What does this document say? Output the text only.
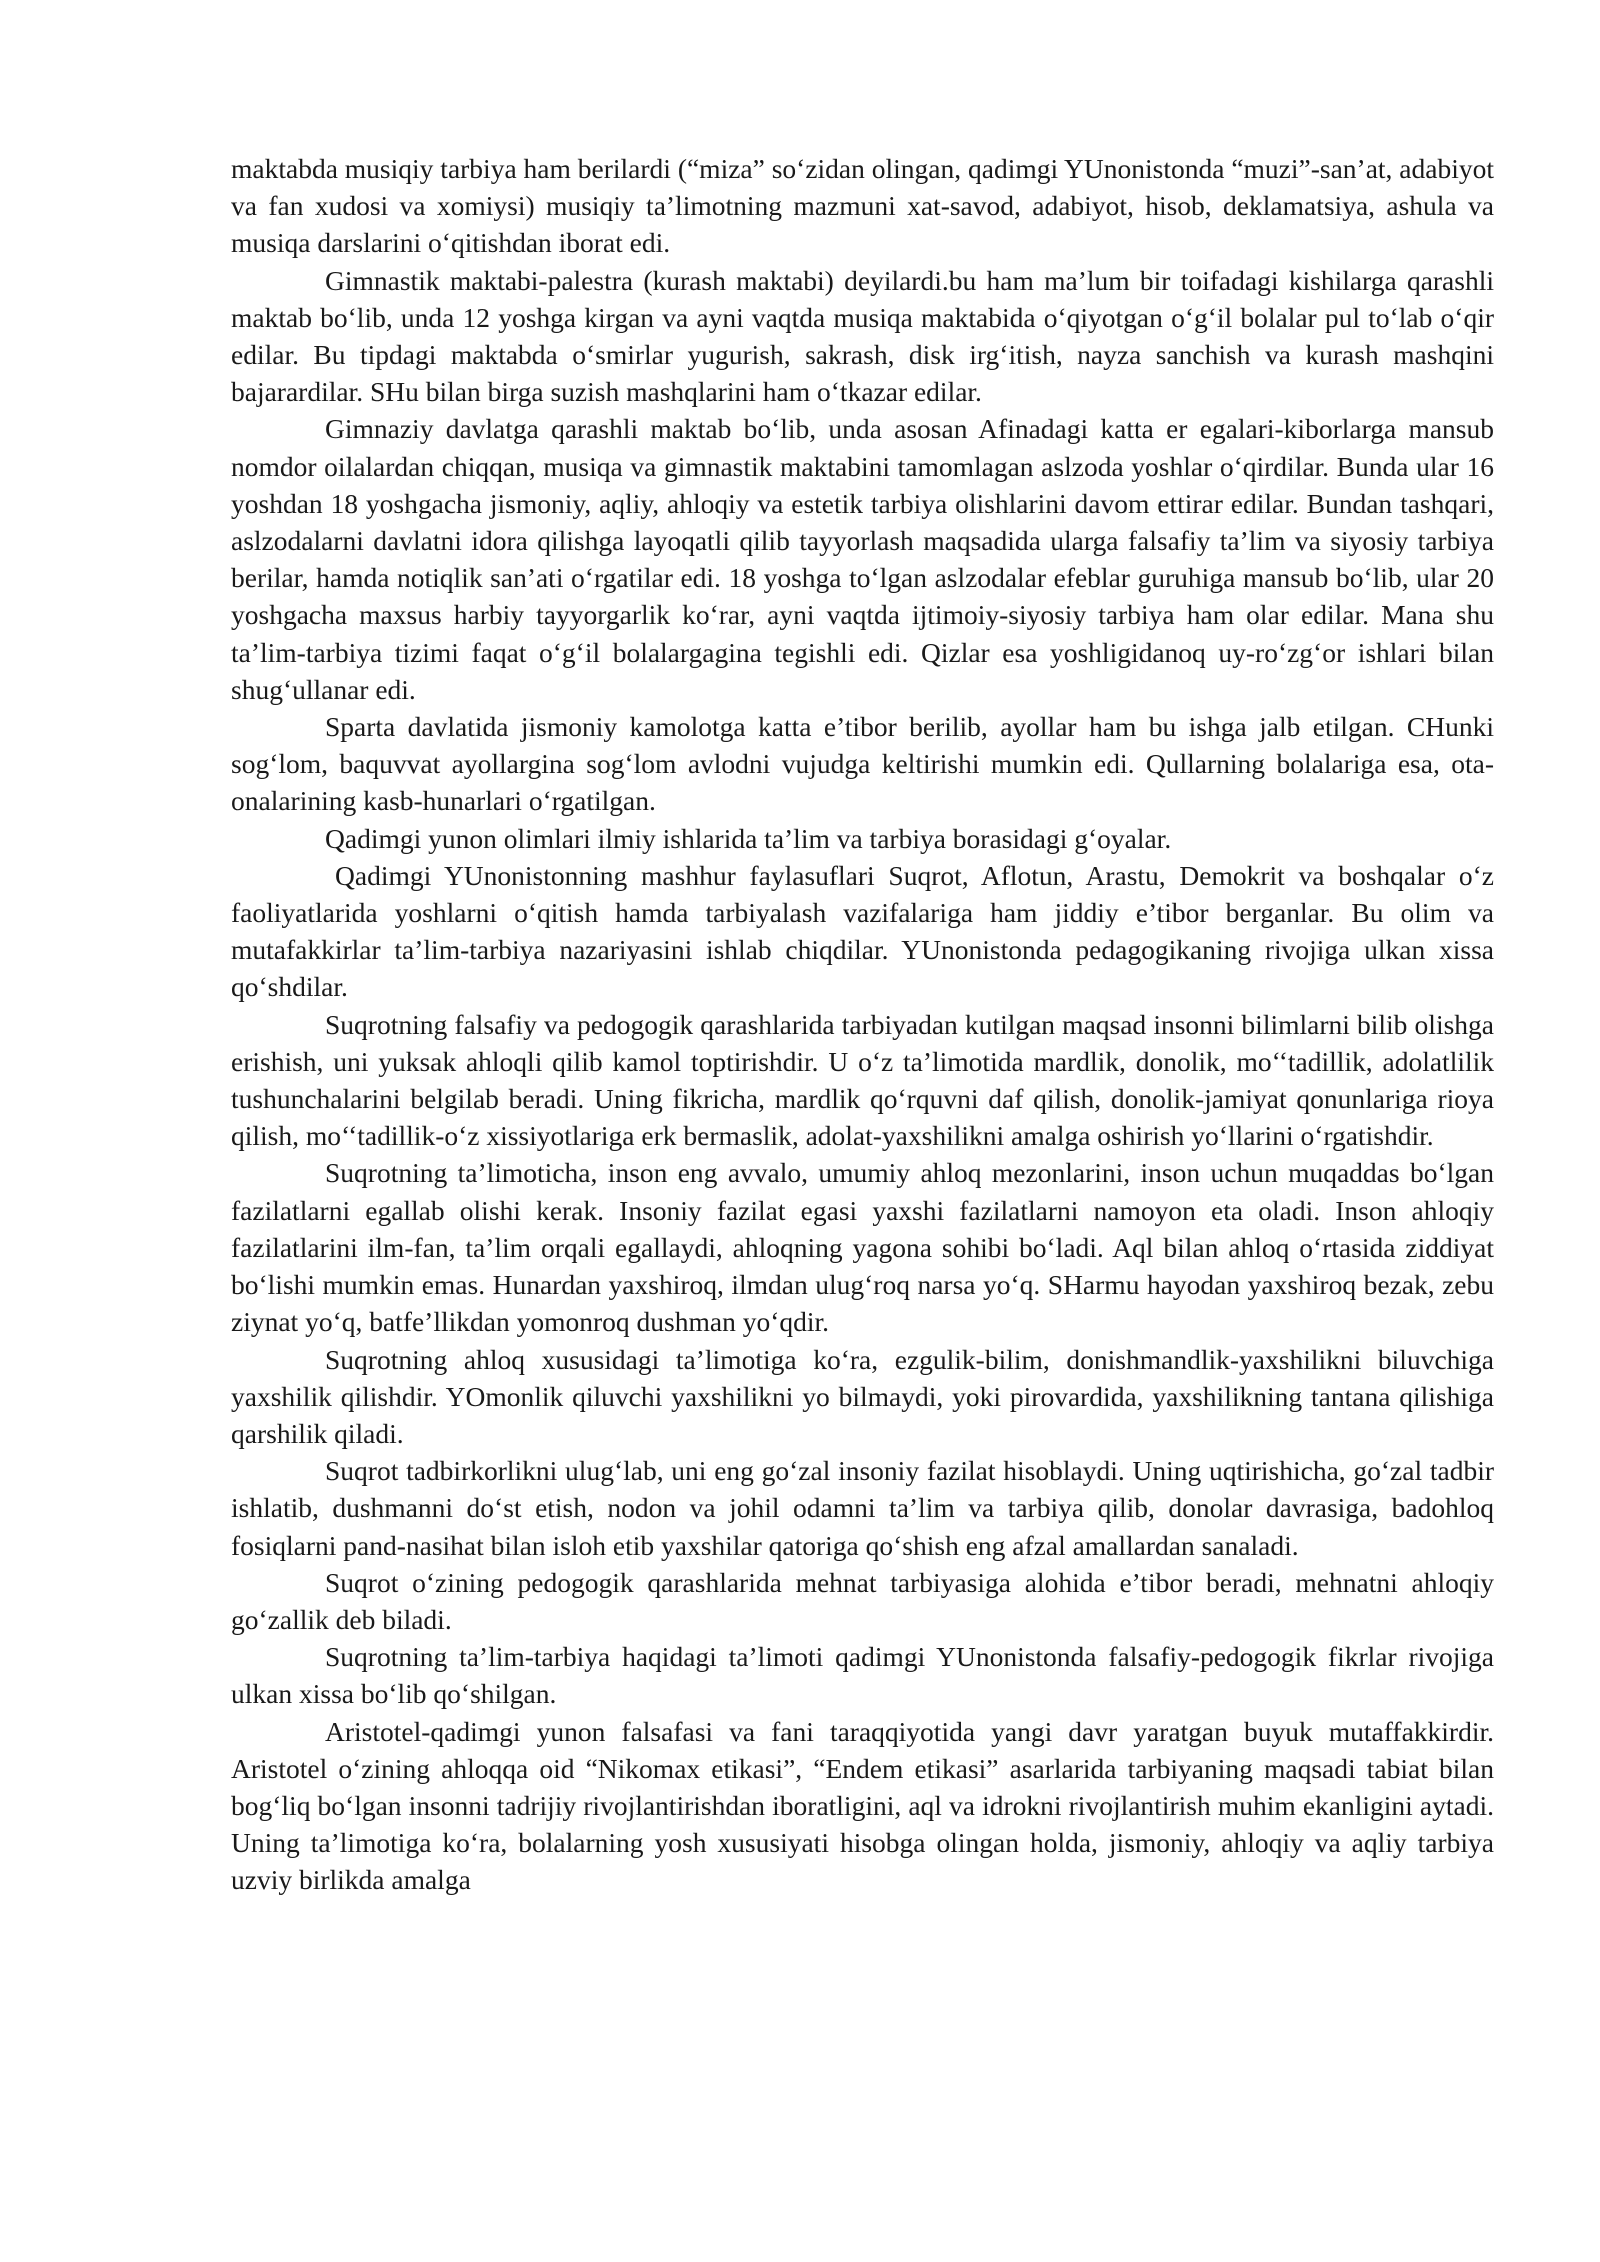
maktabda musiqiy tarbiya ham berilardi (“miza” so‘zidan olingan, qadimgi YUnonistonda “muzi”-san’at, adabiyot va fan xudosi va xomiysi) musiqiy ta’limotning mazmuni xat-savod, adabiyot, hisob, deklamatsiya, ashula va musiqa darslarini o‘qitishdan iborat edi.

Gimnastik maktabi-palestra (kurash maktabi) deyilardi.bu ham ma’lum bir toifadagi kishilarga qarashli maktab bo‘lib, unda 12 yoshga kirgan va ayni vaqtda musiqa maktabida o‘qiyotgan o‘g‘il bolalar pul to‘lab o‘qir edilar. Bu tipdagi maktabda o‘smirlar yugurish, sakrash, disk irg‘itish, nayza sanchish va kurash mashqini bajarardilar. SHu bilan birga suzish mashqlarini ham o‘tkazar edilar.

Gimnaziy davlatga qarashli maktab bo‘lib, unda asosan Afinadagi katta er egalari-kiborlarga mansub nomdor oilalardan chiqqan, musiqa va gimnastik maktabini tamomlagan aslzoda yoshlar o‘qirdilar. Bunda ular 16 yoshdan 18 yoshgacha jismoniy, aqliy, ahloqiy va estetik tarbiya olishlarini davom ettirar edilar. Bundan tashqari, aslzodalarni davlatni idora qilishga layoqatli qilib tayyorlash maqsadida ularga falsafiy ta’lim va siyosiy tarbiya berilar, hamda notiqlik san’ati o‘rgatilar edi. 18 yoshga to‘lgan aslzodalar efeblar guruhiga mansub bo‘lib, ular 20 yoshgacha maxsus harbiy tayyorgarlik ko‘rar, ayni vaqtda ijtimoiy-siyosiy tarbiya ham olar edilar. Mana shu ta’lim-tarbiya tizimi faqat o‘g‘il bolalargagina tegishli edi. Qizlar esa yoshligidanoq uy-ro‘zg‘or ishlari bilan shug‘ullanar edi.

Sparta davlatida jismoniy kamolotga katta e’tibor berilib, ayollar ham bu ishga jalb etilgan. CHunki sog‘lom, baquvvat ayollargina sog‘lom avlodni vujudga keltirishi mumkin edi. Qullarning bolalariga esa, ota-onalarining kasb-hunarlari o‘rgatilgan.

Qadimgi yunon olimlari ilmiy ishlarida ta’lim va tarbiya borasidagi g‘oyalar.

Qadimgi YUnonistonning mashhur faylasuflari Suqrot, Aflotun, Arastu, Demokrit va boshqalar o‘z faoliyatlarida yoshlarni o‘qitish hamda tarbiyalash vazifalariga ham jiddiy e’tibor berganlar. Bu olim va mutafakkirlar ta’lim-tarbiya nazariyasini ishlab chiqdilar. YUnonistonda pedagogikaning rivojiga ulkan xissa qo‘shdilar.

Suqrotning falsafiy va pedogogik qarashlarida tarbiyadan kutilgan maqsad insonni bilimlarni bilib olishga erishish, uni yuksak ahloqli qilib kamol toptirishdir. U o‘z ta’limotida mardlik, donolik, mo‘‘tadillik, adolatlilik tushunchalarini belgilab beradi. Uning fikricha, mardlik qo‘rquvni daf qilish, donolik-jamiyat qonunlariga rioya qilish, mo‘‘tadillik-o‘z xissiyotlariga erk bermaslik, adolat-yaxshilikni amalga oshirish yo‘llarini o‘rgatishdir.

Suqrotning ta’limoticha, inson eng avvalo, umumiy ahloq mezonlarini, inson uchun muqaddas bo‘lgan fazilatlarni egallab olishi kerak. Insoniy fazilat egasi yaxshi fazilatlarni namoyon eta oladi. Inson ahloqiy fazilatlarini ilm-fan, ta’lim orqali egallaydi, ahloqning yagona sohibi bo‘ladi. Aql bilan ahloq o‘rtasida ziddiyat bo‘lishi mumkin emas. Hunardan yaxshiroq, ilmdan ulug‘roq narsa yo‘q. SHarmu hayodan yaxshiroq bezak, zebu ziynat yo‘q, batfe’llikdan yomonroq dushman yo‘qdir.

Suqrotning ahloq xususidagi ta’limotiga ko‘ra, ezgulik-bilim, donishmandlik-yaxshilikni biluvchiga yaxshilik qilishdir. YOmonlik qiluvchi yaxshilikni yo bilmaydi, yoki pirovardida, yaxshilikning tantana qilishiga qarshilik qiladi.

Suqrot tadbirkorlikni ulug‘lab, uni eng go‘zal insoniy fazilat hisoblaydi. Uning uqtirishicha, go‘zal tadbir ishlatib, dushmanni do‘st etish, nodon va johil odamni ta’lim va tarbiya qilib, donolar davrasiga, badohloq fosiqlarni pand-nasihat bilan isloh etib yaxshilar qatoriga qo‘shish eng afzal amallardan sanaladi.

Suqrot o‘zining pedogogik qarashlarida mehnat tarbiyasiga alohida e’tibor beradi, mehnatni ahloqiy go‘zallik deb biladi.

Suqrotning ta’lim-tarbiya haqidagi ta’limoti qadimgi YUnonistonda falsafiy-pedogogik fikrlar rivojiga ulkan xissa bo‘lib qo‘shilgan.

Aristotel-qadimgi yunon falsafasi va fani taraqqiyotida yangi davr yaratgan buyuk mutaffakkirdir. Aristotel o‘zining ahloqqa oid “Nikomax etikasi”, “Endem etikasi” asarlarida tarbiyaning maqsadi tabiat bilan bog‘liq bo‘lgan insonni tadrijiy rivojlantirishdan iboratligini, aql va idrokni rivojlantirish muhim ekanligini aytadi. Uning ta’limotiga ko‘ra, bolalarning yosh xususiyati hisobga olingan holda, jismoniy, ahloqiy va aqliy tarbiya uzviy birlikda amalga
